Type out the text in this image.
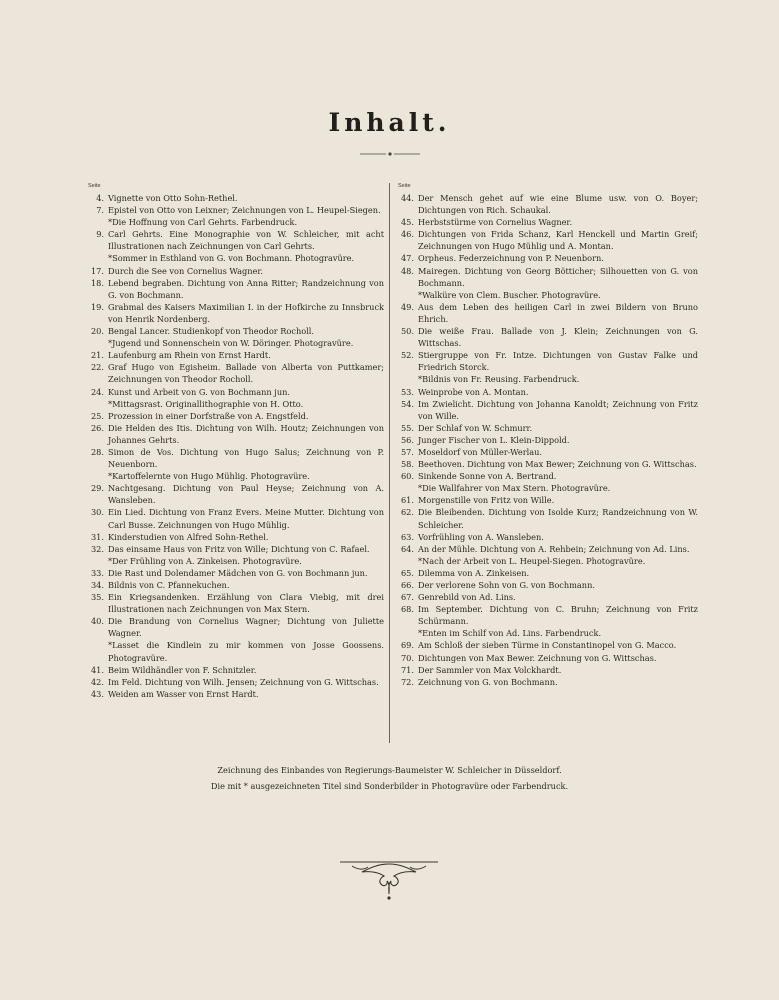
Inhalt.
Seite
4. Vignette von Otto Sohn-Rethel.
7. Epistel von Otto von Leixner; Zeichnungen von L. Heupel-Siegen.
*Die Hoffnung von Carl Gehrts. Farbendruck.
9. Carl Gehrts. Eine Monographie von W. Schleicher, mit acht Illustrationen nach Zeichnungen von Carl Gehrts.
*Sommer in Esthland von G. von Bochmann. Photogravüre.
17. Durch die See von Cornelius Wagner.
18. Lebend begraben. Dichtung von Anna Ritter; Randzeichnung von G. von Bochmann.
19. Grabmal des Kaisers Maximilian I. in der Hofkirche zu Innsbruck von Henrik Nordenberg.
20. Bengal Lancer. Studienkopf von Theodor Rocholl.
*Jugend und Sonnenschein von W. Döringer. Photogravüre.
21. Laufenburg am Rhein von Ernst Hardt.
22. Graf Hugo von Egisheim. Ballade von Alberta von Puttkamer; Zeichnungen von Theodor Rocholl.
24. Kunst und Arbeit von G. von Bochmann jun.
*Mittagsrast. Originallithographie von H. Otto.
25. Prozession in einer Dorfstraße von A. Engstfeld.
26. Die Helden des Itis. Dichtung von Wilh. Houtz; Zeichnungen von Johannes Gehrts.
28. Simon de Vos. Dichtung von Hugo Salus; Zeichnung von P. Neuenborn.
*Kartoffelernte von Hugo Mühlig. Photogravüre.
29. Nachtgesang. Dichtung von Paul Heyse; Zeichnung von A. Wansleben.
30. Ein Lied. Dichtung von Franz Evers. Meine Mutter. Dichtung von Carl Busse. Zeichnungen von Hugo Mühlig.
31. Kinderstudien von Alfred Sohn-Rethel.
32. Das einsame Haus von Fritz von Wille; Dichtung von C. Rafael.
*Der Frühling von A. Zinkeisen. Photogravüre.
33. Die Rast und Dolendamer Mädchen von G. von Bochmann jun.
34. Bildnis von C. Pfannekuchen.
35. Ein Kriegsandenken. Erzählung von Clara Viebig, mit drei Illustrationen nach Zeichnungen von Max Stern.
40. Die Brandung von Cornelius Wagner; Dichtung von Juliette Wagner.
*Lasset die Kindlein zu mir kommen von Josse Goossens. Photogravüre.
41. Beim Wildhändler von F. Schnitzler.
42. Im Feld. Dichtung von Wilh. Jensen; Zeichnung von G. Wittschas.
43. Weiden am Wasser von Ernst Hardt.
Seite
44. Der Mensch gehet auf wie eine Blume usw. von O. Boyer; Dichtungen von Rich. Schaukal.
45. Herbststürme von Cornelius Wagner.
46. Dichtungen von Frida Schanz, Karl Henckell und Martin Greif; Zeichnungen von Hugo Mühlig und A. Montan.
47. Orpheus. Federzeichnung von P. Neuenborn.
48. Mairegen. Dichtung von Georg Bötticher; Silhouetten von G. von Bochmann.
*Walküre von Clem. Buscher. Photogravüre.
49. Aus dem Leben des heiligen Carl in zwei Bildern von Bruno Ehrich.
50. Die weiße Frau. Ballade von J. Klein; Zeichnungen von G. Wittschas.
52. Stiergruppe von Fr. Intze. Dichtungen von Gustav Falke und Friedrich Storck.
*Bildnis von Fr. Reusing. Farbendruck.
53. Weinprobe von A. Montan.
54. Im Zwielicht. Dichtung von Johanna Kanoldt; Zeichnung von Fritz von Wille.
55. Der Schlaf von W. Schmurr.
56. Junger Fischer von L. Klein-Dippold.
57. Moseldorf von Müller-Werlau.
58. Beethoven. Dichtung von Max Bewer; Zeichnung von G. Wittschas.
60. Sinkende Sonne von A. Bertrand.
*Die Wallfahrer von Max Stern. Photogravüre.
61. Morgenstille von Fritz von Wille.
62. Die Bleibenden. Dichtung von Isolde Kurz; Randzeichnung von W. Schleicher.
63. Vorfrühling von A. Wansleben.
64. An der Mühle. Dichtung von A. Rehbein; Zeichnung von Ad. Lins.
*Nach der Arbeit von L. Heupel-Siegen. Photogravüre.
65. Dilemma von A. Zinkeisen.
66. Der verlorene Sohn von G. von Bochmann.
67. Genrebild von Ad. Lins.
68. Im September. Dichtung von C. Bruhn; Zeichnung von Fritz Schürmann.
*Enten im Schilf von Ad. Lins. Farbendruck.
69. Am Schloß der sieben Türme in Constantinopel von G. Macco.
70. Dichtungen von Max Bewer. Zeichnung von G. Wittschas.
71. Der Sammler von Max Volckhardt.
72. Zeichnung von G. von Bochmann.
Zeichnung des Einbandes von Regierungs-Baumeister W. Schleicher in Düsseldorf.
Die mit * ausgezeichneten Titel sind Sonderbilder in Photogravüre oder Farbendruck.
